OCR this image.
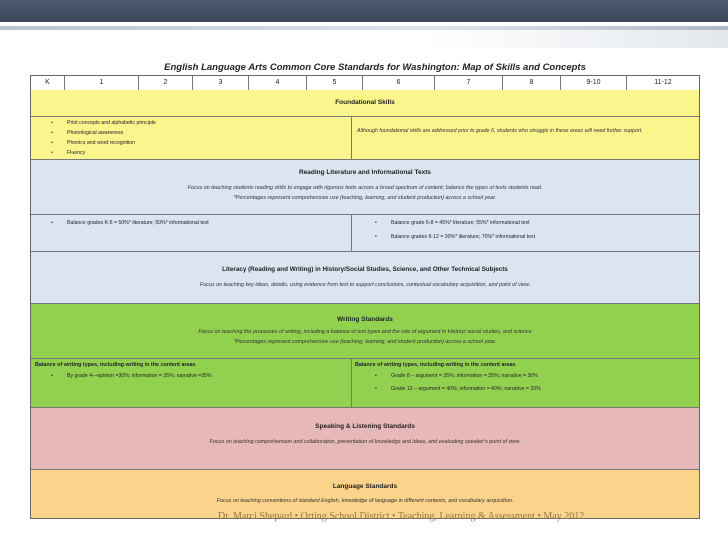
English Language Arts Common Core Standards for Washington: Map of Skills and Concepts
K	1	2	3	4	5	6	7	8	9-10	11-12
Foundational Skills
•	Print concepts and alphabetic principle
•	Phonological awareness
•	Phonics and word recognition
•	Fluency
Although foundational skills are addressed prior to grade 6, students who struggle in these areas will need further support.
Reading Literature and Informational Texts
Focus on teaching students reading skills to engage with rigorous texts across a broad spectrum of content; balance the types of texts students read.
*Percentages represent comprehensive use (teaching, learning, and student production) across a school year.
•	Balance grades K-5 = 50%* literature; 50%* informational text	•	Balance grade 6-8 = 45%* literature; 55%* informational text
•	Balance grades 9-12 = 30%* literature; 70%* informational text
Literacy (Reading and Writing) in History/Social Studies, Science, and Other Technical Subjects
Focus on teaching key ideas, details, using evidence from text to support conclusions, contextual vocabulary acquisition, and point of view.
Writing Standards
Focus on teaching the processes of writing, including a balance of text types and the role of argument in History/ social studies, and science
*Percentages represent comprehensive use (teaching, learning, and student production) across a school year.
Balance of writing types, including writing in the content areas
•	By grade 4—opinion =30%; information = 35%; narrative =35%
Balance of writing types, including writing in the content areas
•	Grade 8 – argument = 35%; information = 35%; narrative = 30%
•	Grade 12 – argument = 40%; information = 40%; narrative = 20%
Speaking & Listening Standards
Focus on teaching comprehension and collaboration, presentation of knowledge and ideas, and evaluating speaker's point of view.
Language Standards
Focus on teaching conventions of standard English, knowledge of language in different contexts, and vocabulary acquisition.
Dr. Marci Shepard • Orting School District • Teaching, Learning & Assessment • May 2012
